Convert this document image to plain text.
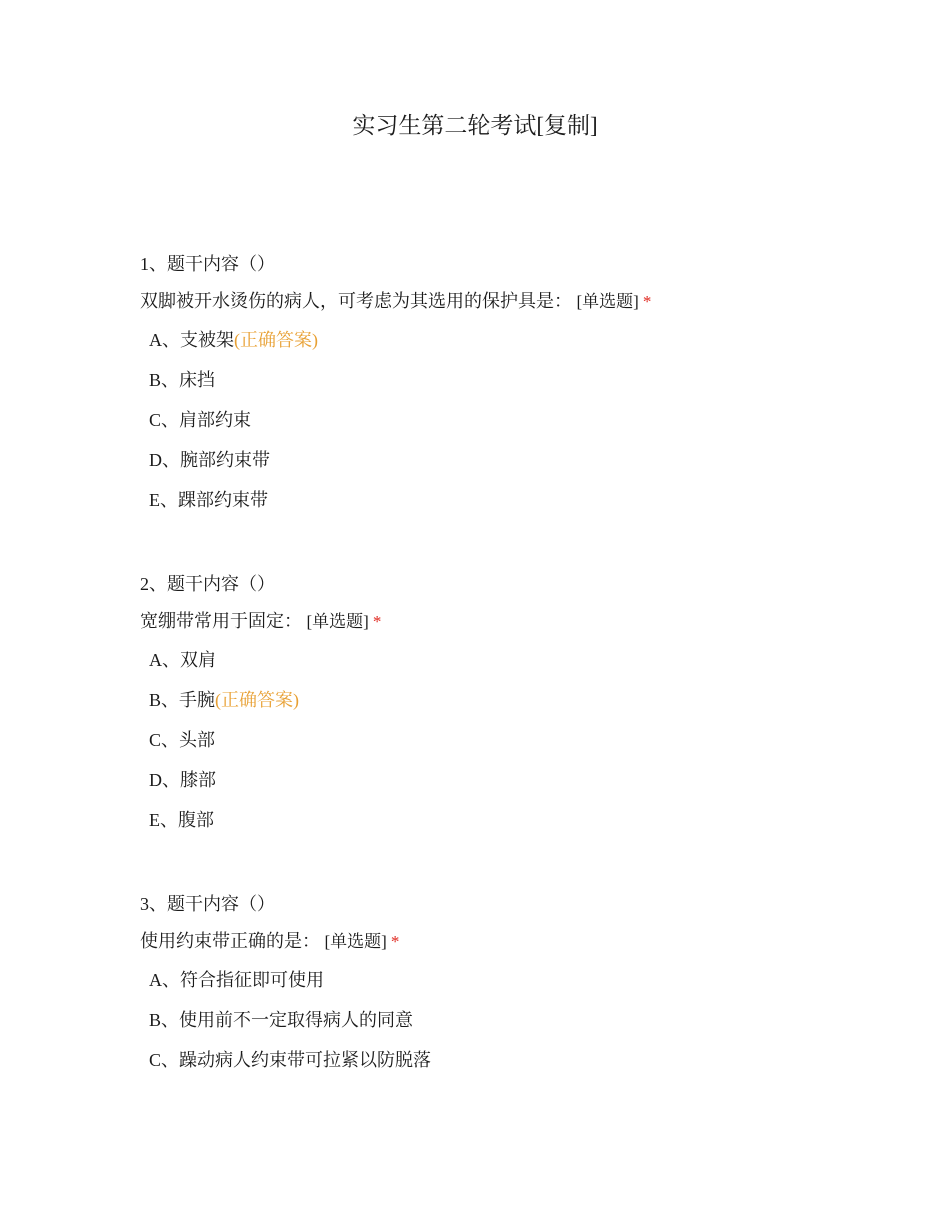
实习生第二轮考试[复制]
1、题干内容（）
双脚被开水烫伤的病人，可考虑为其选用的保护具是： [单选题] *
A、支被架(正确答案)
B、床挡
C、肩部约束
D、腕部约束带
E、踝部约束带
2、题干内容（）
宽绷带常用于固定： [单选题] *
A、双肩
B、手腕(正确答案)
C、头部
D、膝部
E、腹部
3、题干内容（）
使用约束带正确的是： [单选题] *
A、符合指征即可使用
B、使用前不一定取得病人的同意
C、躁动病人约束带可拉紧以防脱落
